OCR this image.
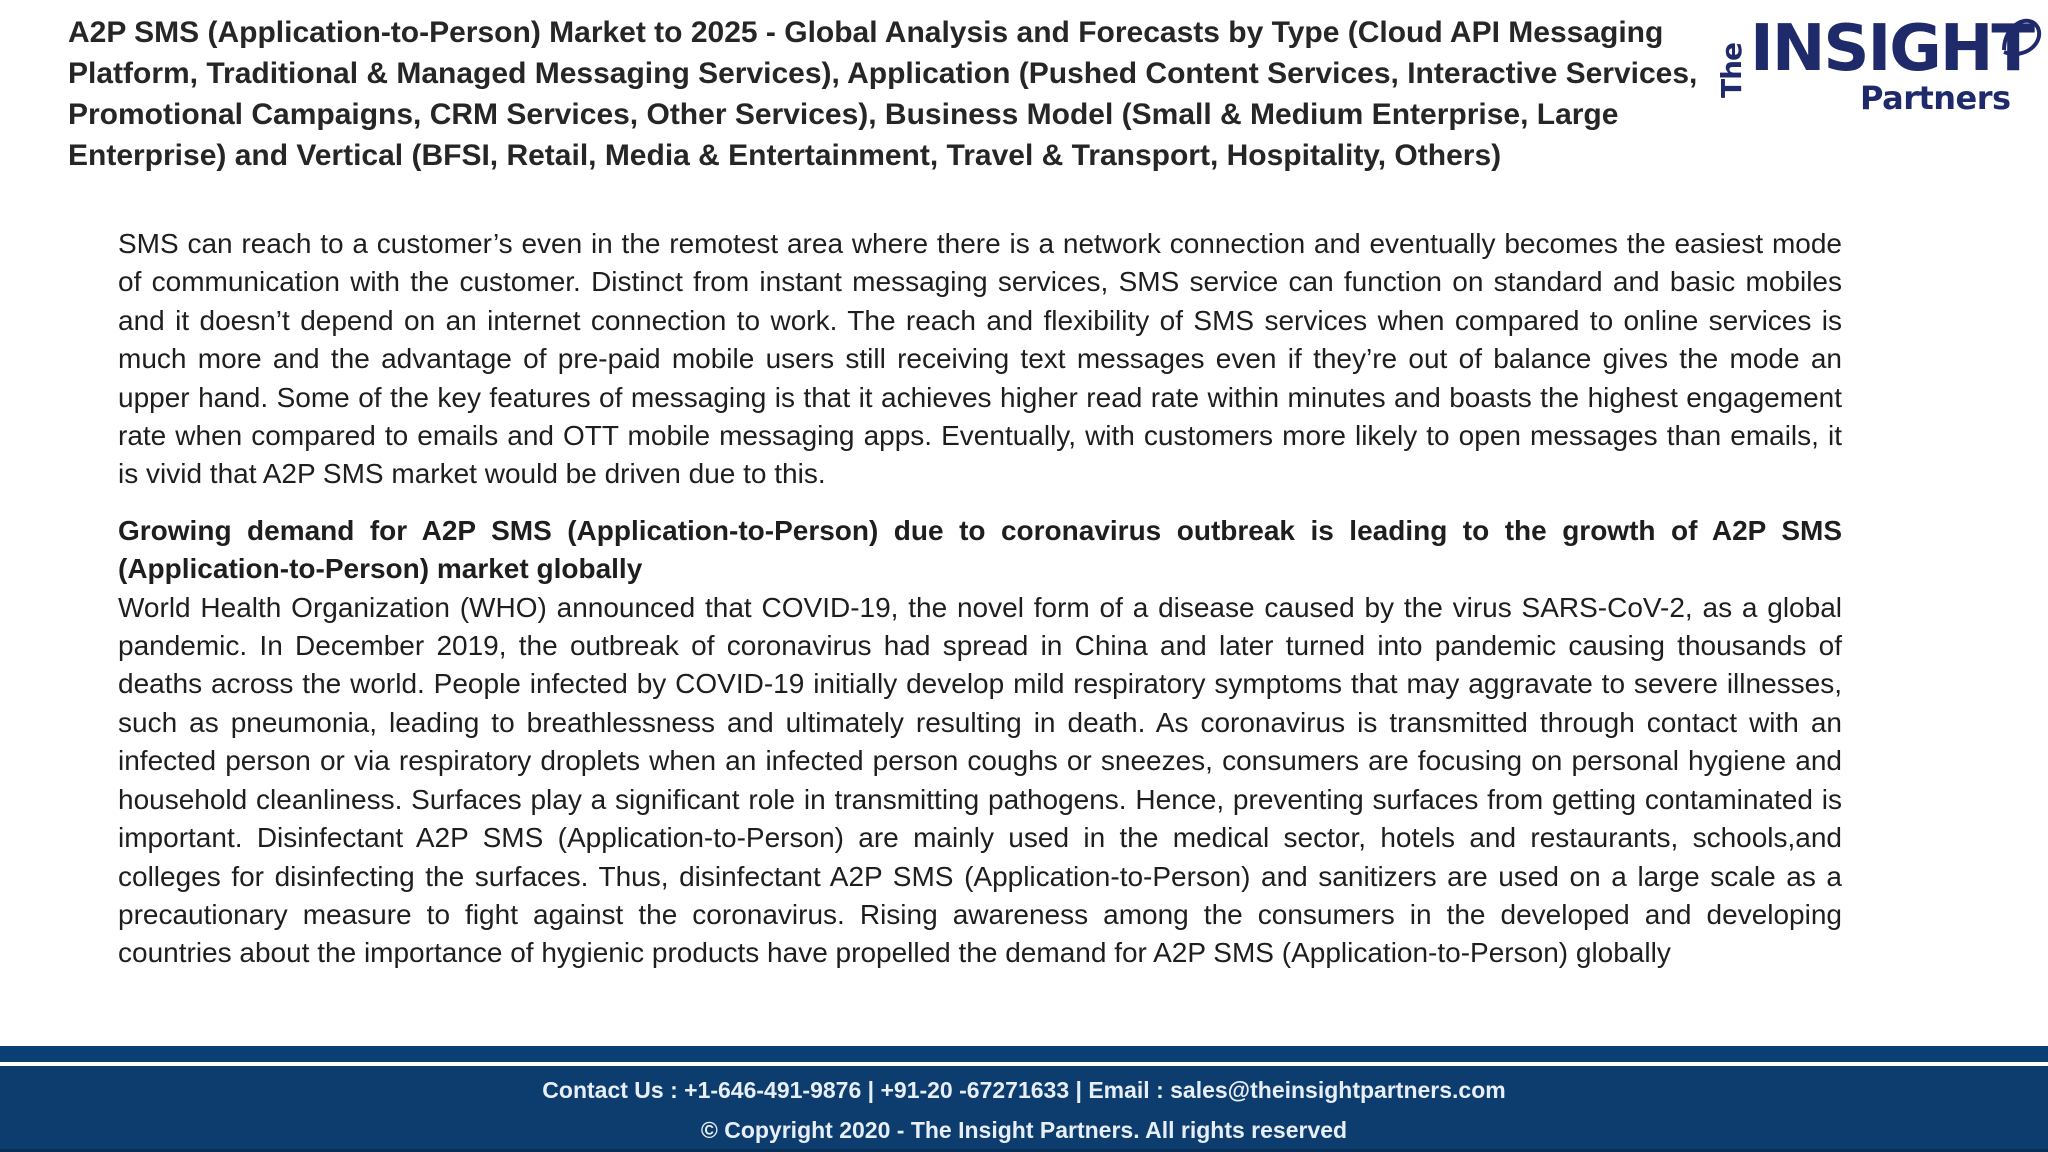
A2P SMS (Application-to-Person) Market to 2025 - Global Analysis and Forecasts by Type (Cloud API Messaging Platform, Traditional & Managed Messaging Services), Application (Pushed Content Services, Interactive Services, Promotional Campaigns, CRM Services, Other Services), Business Model (Small & Medium Enterprise, Large Enterprise) and Vertical (BFSI, Retail, Media & Entertainment, Travel & Transport, Hospitality, Others)
The INSIGHT
Partners

SMS can reach to a customer’s even in the remotest area where there is a network connection and eventually becomes the easiest mode of communication with the customer. Distinct from instant messaging services, SMS service can function on standard and basic mobiles and it doesn’t depend on an internet connection to work. The reach and flexibility of SMS services when compared to online services is much more and the advantage of pre-paid mobile users still receiving text messages even if they’re out of balance gives the mode an upper hand. Some of the key features of messaging is that it achieves higher read rate within minutes and boasts the highest engagement rate when compared to emails and OTT mobile messaging apps. Eventually, with customers more likely to open messages than emails, it is vivid that A2P SMS market would be driven due to this.

Growing demand for A2P SMS (Application-to-Person) due to coronavirus outbreak is leading to the growth of A2P SMS (Application-to-Person) market globally

World Health Organization (WHO) announced that COVID-19, the novel form of a disease caused by the virus SARS-CoV-2, as a global pandemic. In December 2019, the outbreak of coronavirus had spread in China and later turned into pandemic causing thousands of deaths across the world. People infected by COVID-19 initially develop mild respiratory symptoms that may aggravate to severe illnesses, such as pneumonia, leading to breathlessness and ultimately resulting in death. As coronavirus is transmitted through contact with an infected person or via respiratory droplets when an infected person coughs or sneezes, consumers are focusing on personal hygiene and household cleanliness. Surfaces play a significant role in transmitting pathogens. Hence, preventing surfaces from getting contaminated is important. Disinfectant A2P SMS (Application-to-Person) are mainly used in the medical sector, hotels and restaurants, schools,and colleges for disinfecting the surfaces. Thus, disinfectant A2P SMS (Application-to-Person) and sanitizers are used on a large scale as a precautionary measure to fight against the coronavirus. Rising awareness among the consumers in the developed and developing countries about the importance of hygienic products have propelled the demand for A2P SMS (Application-to-Person) globally

Contact Us : +1-646-491-9876 | +91-20 -67271633 | Email : sales@theinsightpartners.com
© Copyright 2020 - The Insight Partners. All rights reserved
